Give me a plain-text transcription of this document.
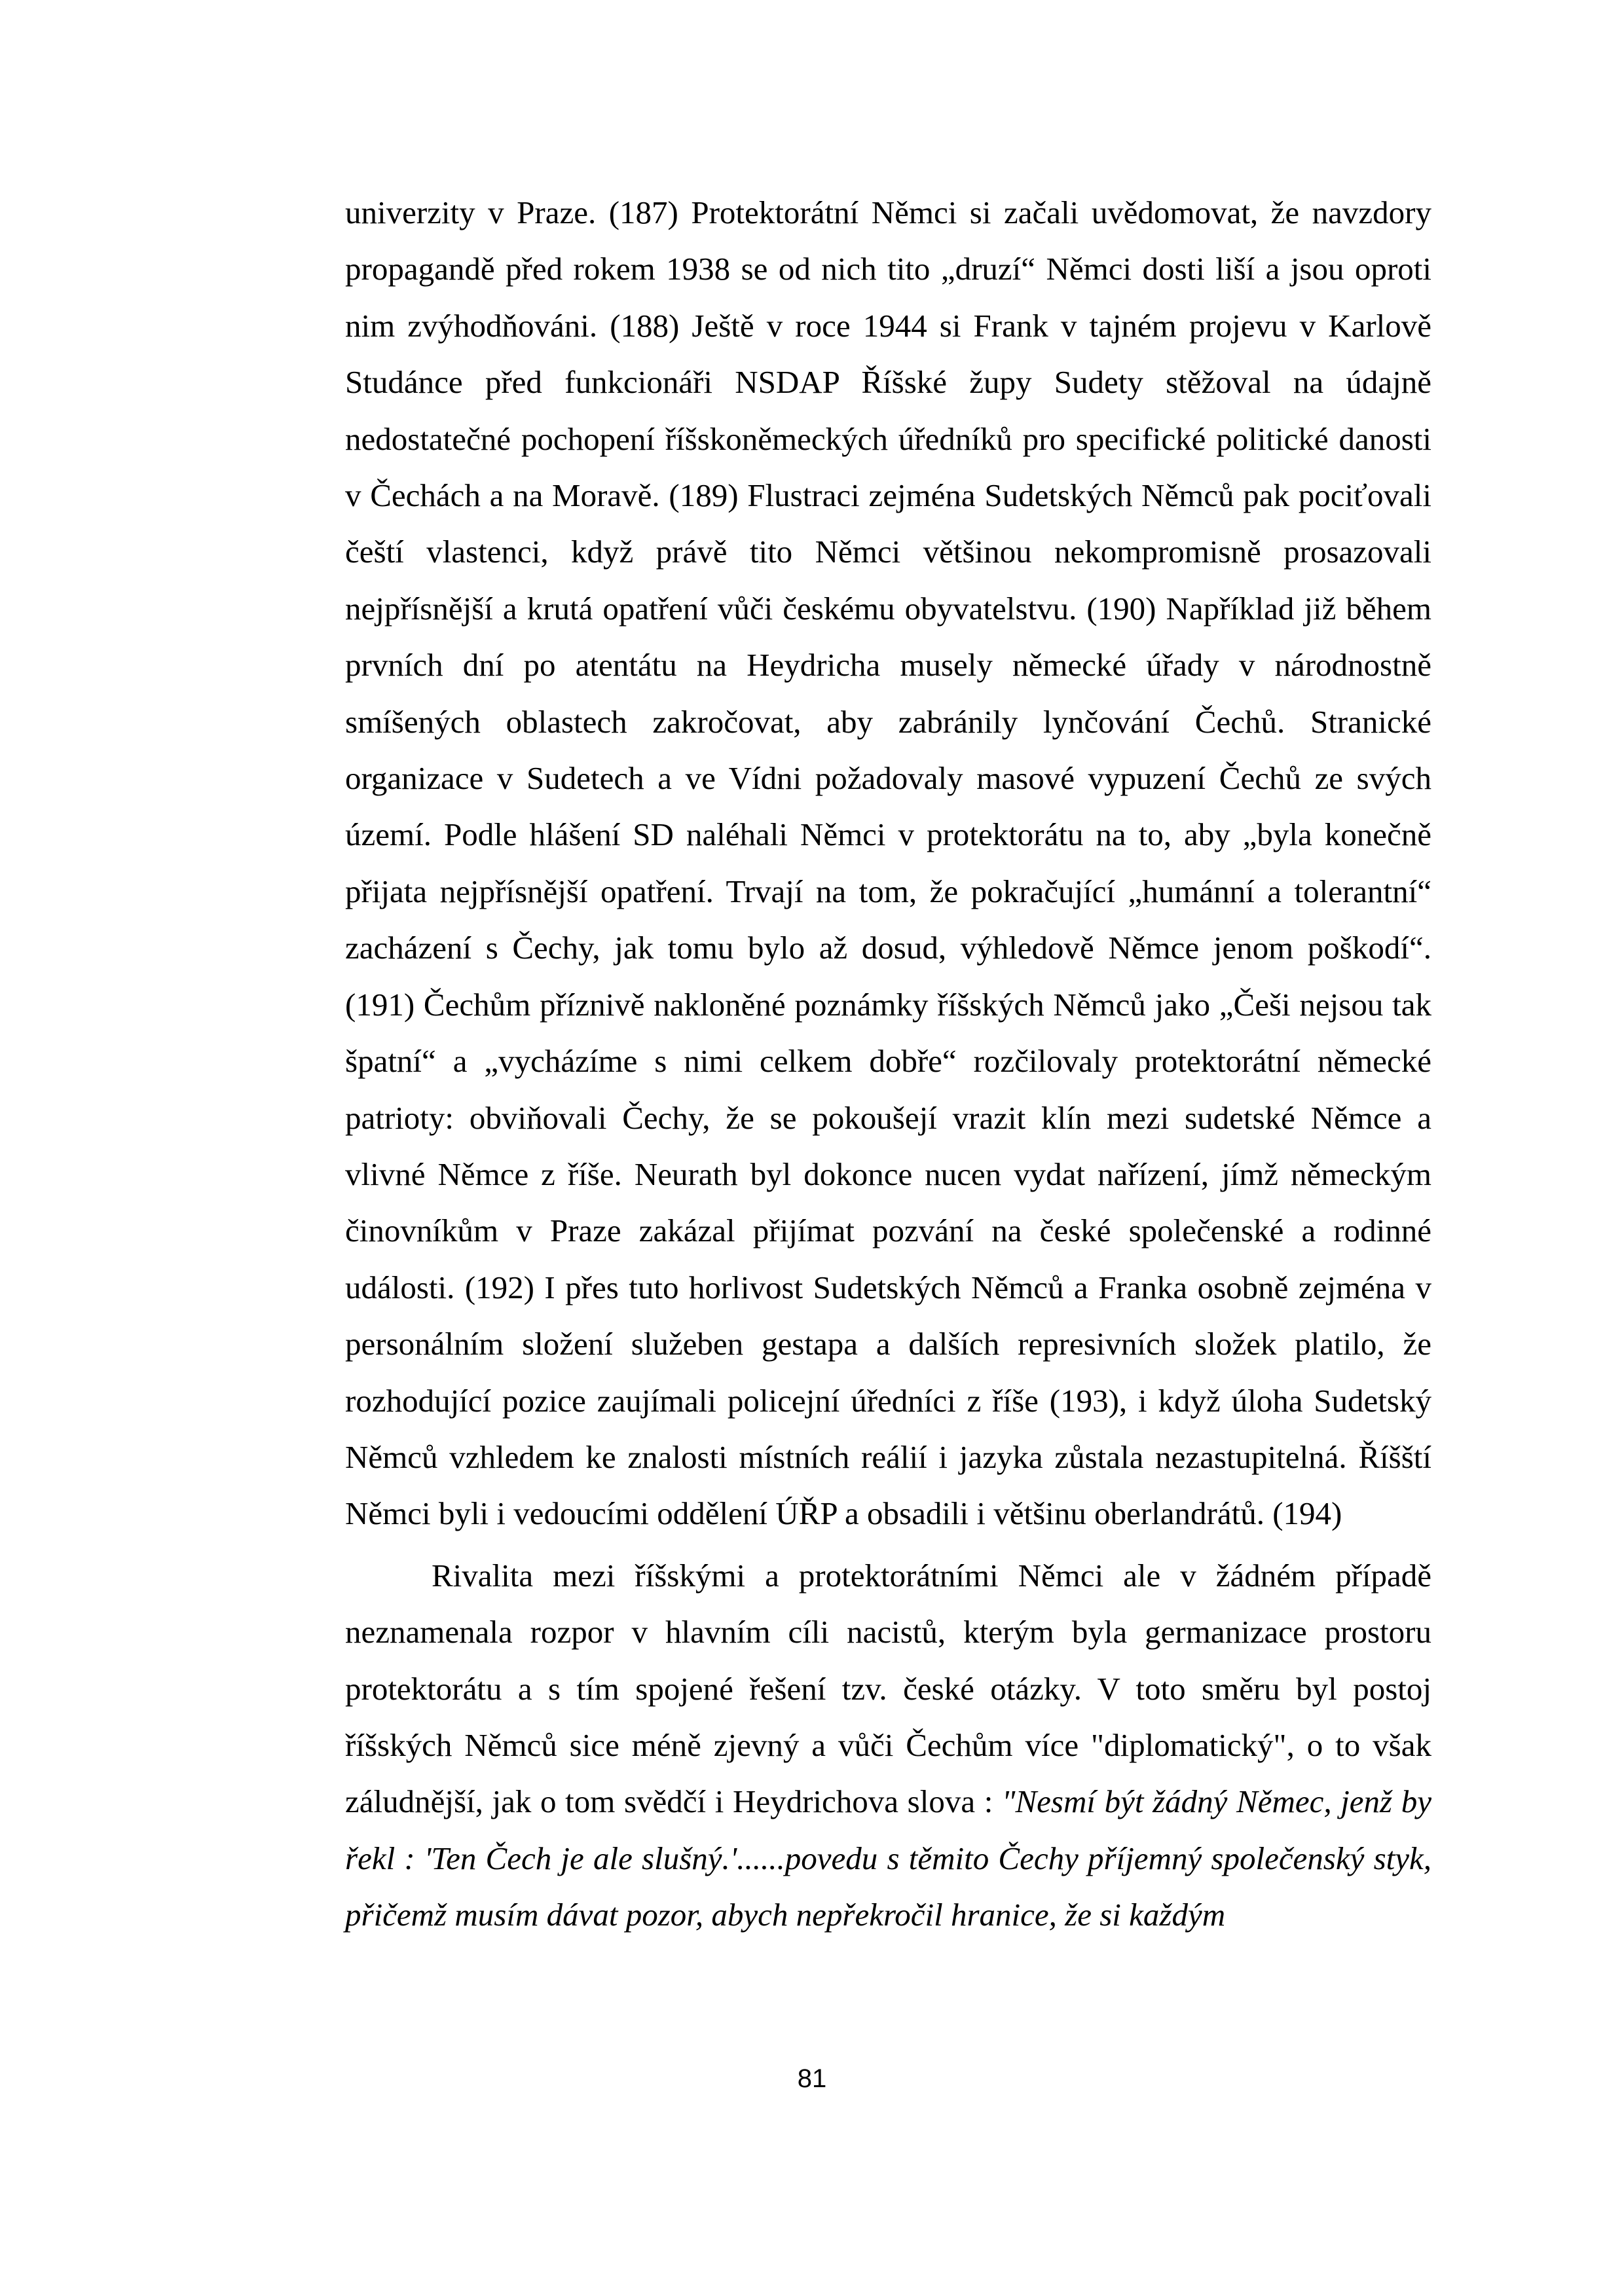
univerzity v Praze. (187) Protektorátní Němci si začali uvědomovat, že navzdory propagandě před rokem 1938 se od nich tito „druzí“ Němci dosti liší a jsou oproti nim zvýhodňováni. (188) Ještě v roce 1944 si Frank v tajném projevu v Karlově Studánce před funkcionáři NSDAP Říšské župy Sudety stěžoval na údajně nedostatečné pochopení říšskoněmeckých úředníků pro specifické politické danosti v Čechách a na Moravě. (189) Flustraci zejména Sudetských Němců pak pociťovali čeští vlastenci, když právě tito Němci většinou nekompromisně prosazovali nejpřísnější a krutá opatření vůči českému obyvatelstvu. (190) Například již během prvních dní po atentátu na Heydricha musely německé úřady v národnostně smíšených oblastech zakročovat, aby zabránily lynčování Čechů. Stranické organizace v Sudetech a ve Vídni požadovaly masové vypuzení Čechů ze svých území. Podle hlášení SD naléhali Němci v protektorátu na to, aby „byla konečně přijata nejpřísnější opatření. Trvají na tom, že pokračující „humánní a tolerantní“ zacházení s Čechy, jak tomu bylo až dosud, výhledově Němce jenom poškodí“. (191) Čechům příznivě nakloněné poznámky říšských Němců jako „Češi nejsou tak špatní“ a „vycházíme s nimi celkem dobře“ rozčilovaly protektorátní německé patrioty: obviňovali Čechy, že se pokoušejí vrazit klín mezi sudetské Němce a vlivné Němce z říše. Neurath byl dokonce nucen vydat nařízení, jímž německým činovníkům v Praze zakázal přijímat pozvání na české společenské a rodinné události. (192) I přes tuto horlivost Sudetských Němců a Franka osobně zejména v personálním složení služeben gestapa a dalších represivních složek platilo, že rozhodující pozice zaujímali policejní úředníci z říše (193), i když úloha Sudetský Němců vzhledem ke znalosti místních reálií i jazyka zůstala nezastupitelná. Říšští Němci byli i vedoucími oddělení ÚŘP a obsadili i většinu oberlandrátů. (194)

Rivalita mezi říšskými a protektorátními Němci ale v žádném případě neznamenala rozpor v hlavním cíli nacistů, kterým byla germanizace prostoru protektorátu a s tím spojené řešení tzv. české otázky. V toto směru byl postoj říšských Němců sice méně zjevný a vůči Čechům více "diplomatický", o to však záludnější, jak o tom svědčí i Heydrichova slova : "Nesmí být žádný Němec, jenž by řekl : 'Ten Čech je ale slušný.'......povedu s těmito Čechy příjemný společenský styk, přičemž musím dávat pozor, abych nepřekročil hranice, že si každým

81
